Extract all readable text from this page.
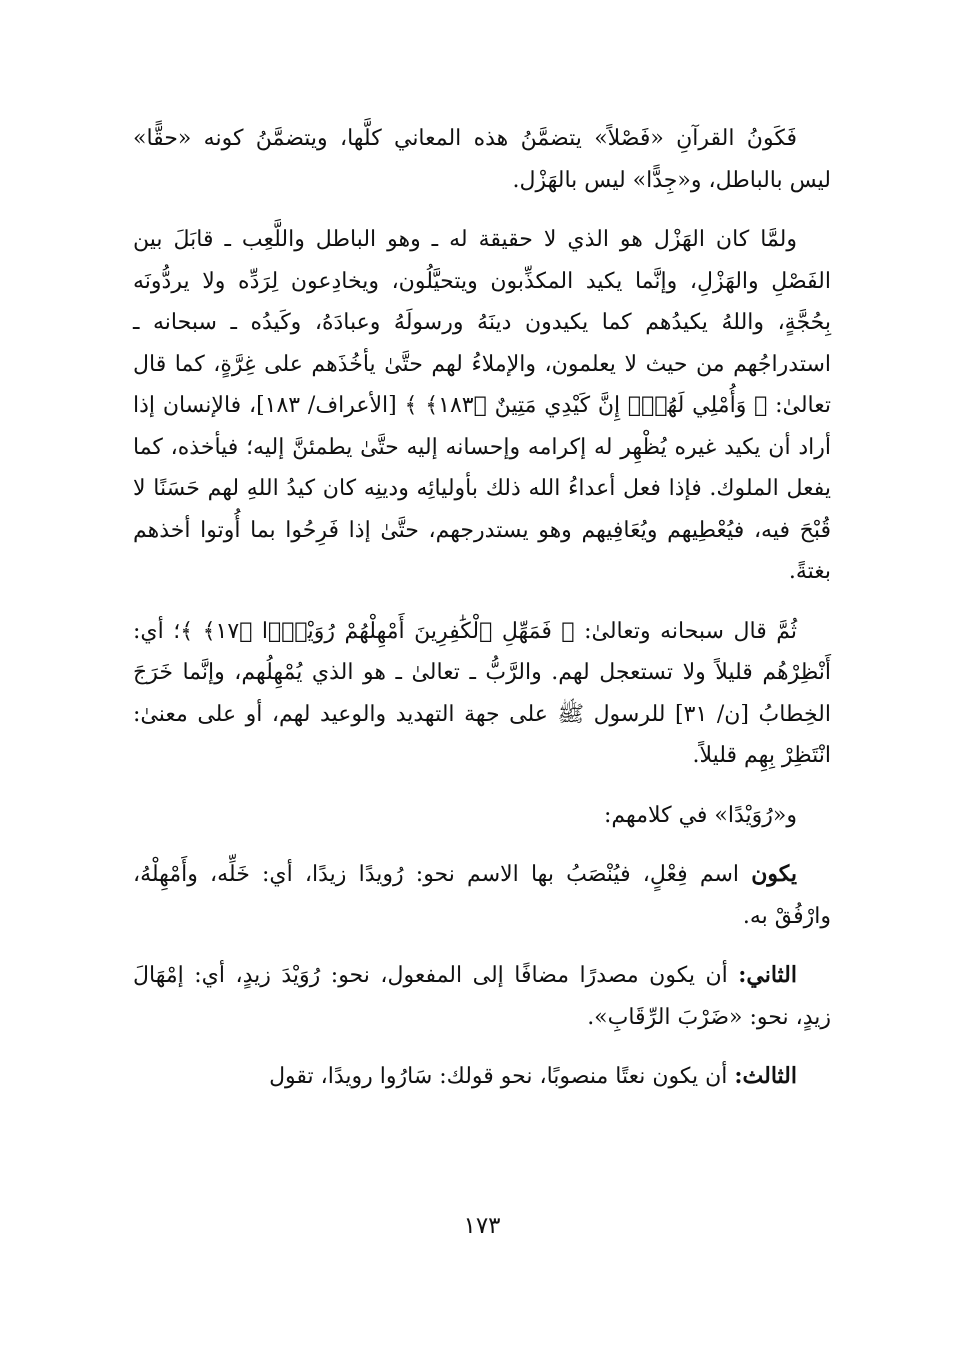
فَكَونُ القرآنِ «فَصْلاً» يتضمَّنُ هذه المعاني كلَّها، ويتضمَّنُ كونه «حقًّا» ليس بالباطل، و«جِدًّا» ليس بالهَزْل.

ولمَّا كان الهَزْل هو الذي لا حقيقة له ـ وهو الباطل واللَّعِب ـ قابَلَ بين الفَصْلِ والهَزْلِ، وإنَّما يكيد المكذِّبون ويتحيَّلُون، ويخادِعون لِرَدِّه ولا يردُّونَه بِحُجَّةٍ، واللهُ يكيدُهم كما يكيدون دينَهُ ورسولَهُ وعبادَهُ، وكَيدُه ـ سبحانه ـ استدراجُهم من حيث لا يعلمون، والإملاءُ لهم حتَّىٰ يأخُذَهم على غِرَّةٍ، كما قال تعالىٰ: ﴿ وَأُمْلِي لَهُمْۚ إِنَّ كَيْدِي مَتِينٌ ﴿١٨٣﴾ ﴾ [الأعراف/ ١٨٣]، فالإنسان إذا أراد أن يكيد غيره يُظْهِر له إكرامه وإحسانه إليه حتَّىٰ يطمئنَّ إليه؛ فيأخذه، كما يفعل الملوك. فإذا فعل أعداءُ الله ذلك بأوليائِه ودينِه كان كيدُ اللهِ لهم حَسَنًا لا قُبْحَ فيه، فيُعْطِيهم ويُعَافِيهم وهو يستدرجهم، حتَّىٰ إذا فَرِحُوا بما أُوتوا أخذهم بغتةً.

ثُمَّ قال سبحانه وتعالىٰ: ﴿ فَمَهِّلِ ٱلْكَٰفِرِينَ أَمْهِلْهُمْ رُوَيْدًۢا ﴿١٧﴾ ﴾؛ أي: أَنْظِرْهُم قليلاً ولا تستعجل لهم. والرَّبُّ ـ تعالىٰ ـ هو الذي يُمْهِلُهم، وإنَّما خَرَجَ الخِطابُ [ن/ ٣١] للرسول ﷺ على جهة التهديد والوعيد لهم، أو على معنىٰ: انْتَظِرْ بِهِم قليلاً.

و«رُوَيْدًا» في كلامهم:

يكون اسم فِعْلٍ، فيُنْصَبُ بها الاسم نحو: رُويدًا زيدًا، أي: خَلِّه، وأَمْهِلْهُ، وارْفُقْ به.

الثاني: أن يكون مصدرًا مضافًا إلى المفعول، نحو: رُوَيْدَ زيدٍ، أي: إمْهَالَ زيدٍ، نحو: «ضَرْبَ الرِّقَابِ».

الثالث: أن يكون نعتًا منصوبًا، نحو قولك: سَارُوا رويدًا، تقول

١٧٣
